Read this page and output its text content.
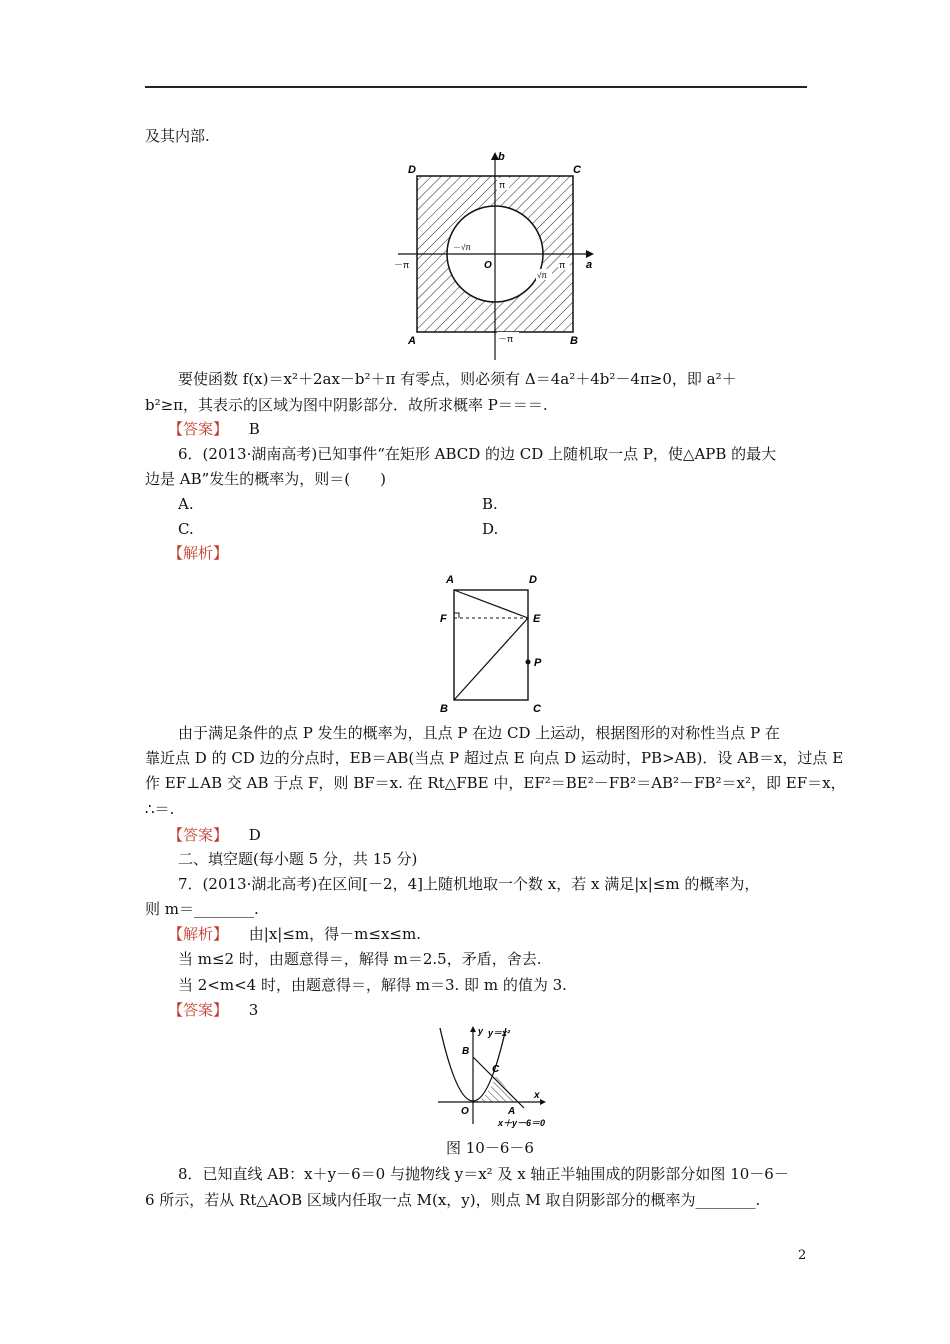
及其内部.
D	C
A	B
b
a
O
π
－π	π
－π
－√π
√π
要使函数 f(x)＝x²＋2ax－b²＋π 有零点，则必须有 Δ＝4a²＋4b²－4π≥0，即 a²＋
b²≥π，其表示的区域为图中阴影部分．故所求概率 P＝＝＝.
【答案】 B
6．(2013·湖南高考)已知事件“在矩形 ABCD 的边 CD 上随机取一点 P，使△APB 的最大
边是 AB”发生的概率为，则＝(　　)
A.	B.
C.	D.
【解析】
A	D
F	E
P
B	C
由于满足条件的点 P 发生的概率为，且点 P 在边 CD 上运动，根据图形的对称性当点 P 在
靠近点 D 的 CD 边的分点时，EB＝AB(当点 P 超过点 E 向点 D 运动时，PB>AB)．设 AB＝x，过点 E
作 EF⊥AB 交 AB 于点 F，则 BF＝x. 在 Rt△FBE 中，EF²＝BE²－FB²＝AB²－FB²＝x²，即 EF＝x，
∴＝.
【答案】 D
二、填空题(每小题 5 分，共 15 分)
7．(2013·湖北高考)在区间[－2，4]上随机地取一个数 x，若 x 满足|x|≤m 的概率为，
则 m＝________.
【解析】 由|x|≤m，得－m≤x≤m.
当 m≤2 时，由题意得＝，解得 m＝2.5，矛盾，舍去.
当 2<m<4 时，由题意得＝，解得 m＝3. 即 m 的值为 3.
【答案】 3
y y＝x²
B
C
O	A
x
x＋y－6＝0
图 10－6－6
8．已知直线 AB：x＋y－6＝0 与抛物线 y＝x² 及 x 轴正半轴围成的阴影部分如图 10－6－
6 所示，若从 Rt△AOB 区域内任取一点 M(x，y)，则点 M 取自阴影部分的概率为________.
2
